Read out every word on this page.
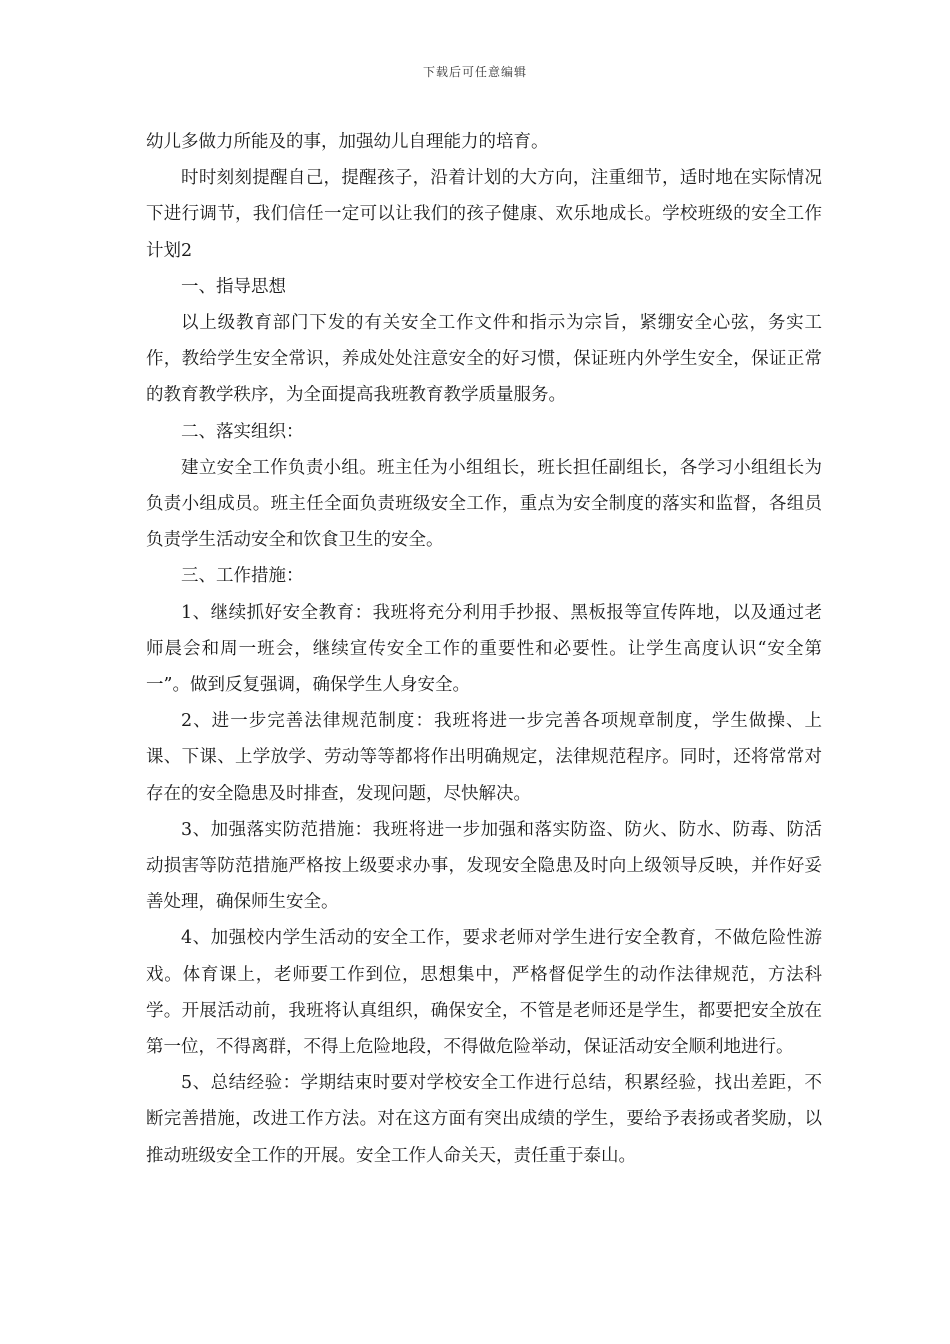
下载后可任意编辑

幼儿多做力所能及的事，加强幼儿自理能力的培育。

时时刻刻提醒自己，提醒孩子，沿着计划的大方向，注重细节，适时地在实际情况下进行调节，我们信任一定可以让我们的孩子健康、欢乐地成长。学校班级的安全工作计划2

一、指导思想

以上级教育部门下发的有关安全工作文件和指示为宗旨，紧绷安全心弦，务实工作，教给学生安全常识，养成处处注意安全的好习惯，保证班内外学生安全，保证正常的教育教学秩序，为全面提高我班教育教学质量服务。

二、落实组织：

建立安全工作负责小组。班主任为小组组长，班长担任副组长，各学习小组组长为负责小组成员。班主任全面负责班级安全工作，重点为安全制度的落实和监督，各组员负责学生活动安全和饮食卫生的安全。

三、工作措施：

1、继续抓好安全教育：我班将充分利用手抄报、黑板报等宣传阵地，以及通过老师晨会和周一班会，继续宣传安全工作的重要性和必要性。让学生高度认识“安全第一”。做到反复强调，确保学生人身安全。

2、进一步完善法律规范制度：我班将进一步完善各项规章制度，学生做操、上课、下课、上学放学、劳动等等都将作出明确规定，法律规范程序。同时，还将常常对存在的安全隐患及时排查，发现问题，尽快解决。

3、加强落实防范措施：我班将进一步加强和落实防盗、防火、防水、防毒、防活动损害等防范措施严格按上级要求办事，发现安全隐患及时向上级领导反映，并作好妥善处理，确保师生安全。

4、加强校内学生活动的安全工作，要求老师对学生进行安全教育，不做危险性游戏。体育课上，老师要工作到位，思想集中，严格督促学生的动作法律规范，方法科学。开展活动前，我班将认真组织，确保安全，不管是老师还是学生，都要把安全放在第一位，不得离群，不得上危险地段，不得做危险举动，保证活动安全顺利地进行。

5、总结经验：学期结束时要对学校安全工作进行总结，积累经验，找出差距，不断完善措施，改进工作方法。对在这方面有突出成绩的学生，要给予表扬或者奖励，以推动班级安全工作的开展。安全工作人命关天，责任重于泰山。
